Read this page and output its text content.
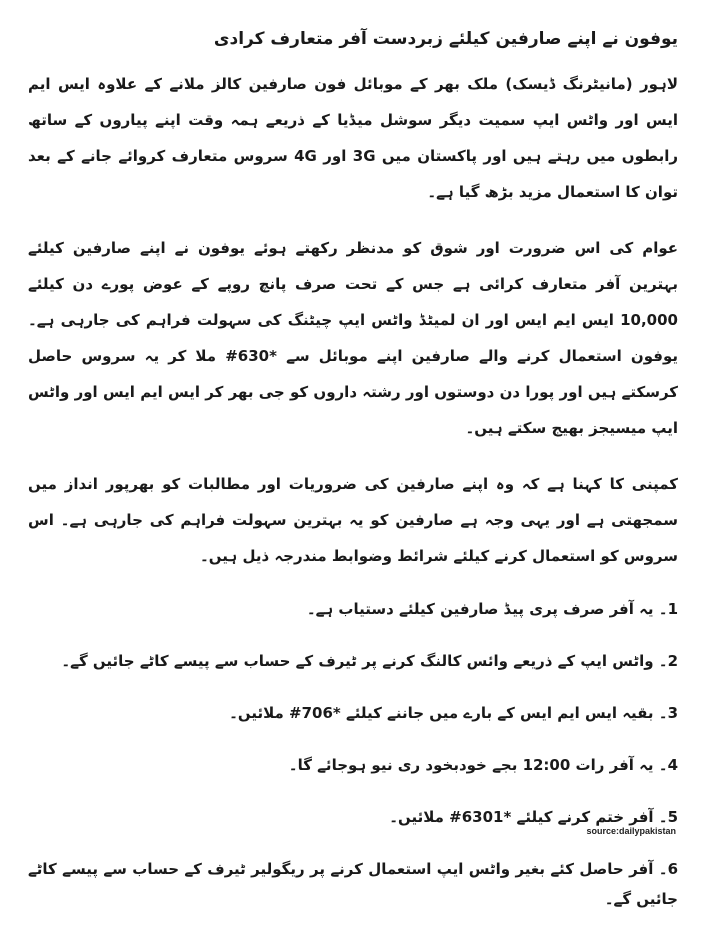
یوفون نے اپنے صارفین کیلئے زبردست آفر متعارف کرادی

لاہور (مانیٹرنگ ڈیسک) ملک بھر کے موبائل فون صارفین کالز ملانے کے علاوہ ایس ایم ایس اور واٹس ایپ سمیت دیگر سوشل میڈیا کے ذریعے ہمہ وقت اپنے پیاروں کے ساتھ رابطوں میں رہتے ہیں اور پاکستان میں 3G اور 4G سروس متعارف کروائے جانے کے بعد توان کا استعمال مزید بڑھ گیا ہے۔

عوام کی اس ضرورت اور شوق کو مدنظر رکھتے ہوئے یوفون نے اپنے صارفین کیلئے بہترین آفر متعارف کرائی ہے جس کے تحت صرف پانچ روپے کے عوض پورے دن کیلئے 10,000 ایس ایم ایس اور ان لمیٹڈ واٹس ایپ چیٹنگ کی سہولت فراہم کی جارہی ہے۔ یوفون استعمال کرنے والے صارفین اپنے موبائل سے *630# ملا کر یہ سروس حاصل کرسکتے ہیں اور پورا دن دوستوں اور رشتہ داروں کو جی بھر کر ایس ایم ایس اور واٹس ایپ میسیجز بھیج سکتے ہیں۔

کمپنی کا کہنا ہے کہ وہ اپنے صارفین کی ضروریات اور مطالبات کو بھرپور انداز میں سمجھتی ہے اور یہی وجہ ہے صارفین کو یہ بہترین سہولت فراہم کی جارہی ہے۔ اس سروس کو استعمال کرنے کیلئے شرائط وضوابط مندرجہ ذیل ہیں۔

1۔ یہ آفر صرف پری پیڈ صارفین کیلئے دستیاب ہے۔
2۔ واٹس ایپ کے ذریعے وائس کالنگ کرنے پر ٹیرف کے حساب سے پیسے کاٹے جائیں گے۔
3۔ بقیہ ایس ایم ایس کے بارے میں جاننے کیلئے *706# ملائیں۔
4۔ یہ آفر رات 12:00 بجے خودبخود ری نیو ہوجائے گا۔
5۔ آفر ختم کرنے کیلئے *6301# ملائیں۔
6۔ آفر حاصل کئے بغیر واٹس ایپ استعمال کرنے پر ریگولیر ٹیرف کے حساب سے پیسے کاٹے جائیں گے۔
source:dailypakistan
